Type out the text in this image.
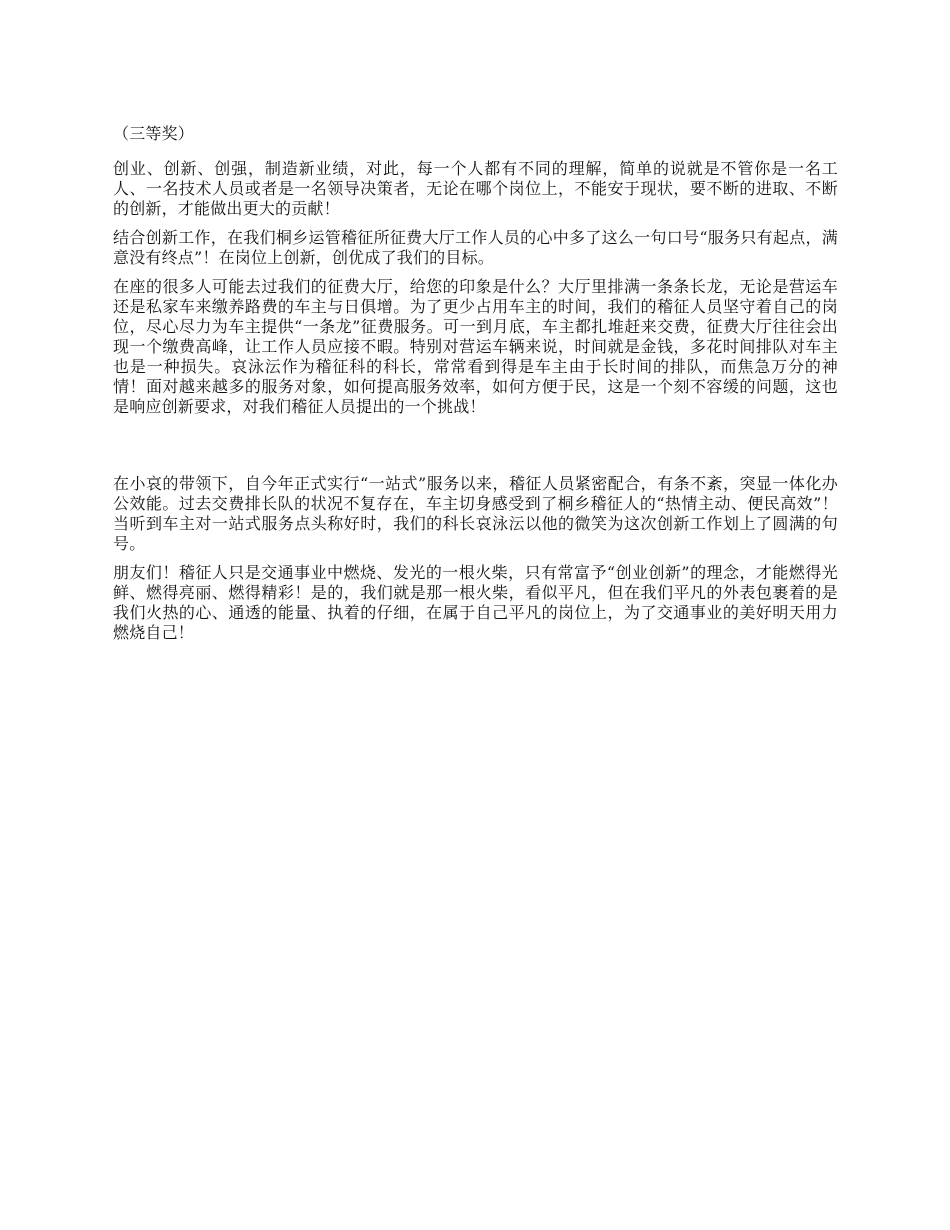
（三等奖）

创业、创新、创强，制造新业绩，对此，每一个人都有不同的理解，简单的说就是不管你是一名工人、一名技术人员或者是一名领导决策者，无论在哪个岗位上，不能安于现状，要不断的进取、不断的创新，才能做出更大的贡献！

结合创新工作，在我们桐乡运管稽征所征费大厅工作人员的心中多了这么一句口号“服务只有起点，满意没有终点”！在岗位上创新，创优成了我们的目标。

在座的很多人可能去过我们的征费大厅，给您的印象是什么？大厅里排满一条条长龙，无论是营运车还是私家车来缴养路费的车主与日俱增。为了更少占用车主的时间，我们的稽征人员坚守着自己的岗位，尽心尽力为车主提供“一条龙”征费服务。可一到月底，车主都扎堆赶来交费，征费大厅往往会出现一个缴费高峰，让工作人员应接不暇。特别对营运车辆来说，时间就是金钱，多花时间排队对车主也是一种损失。哀泳沄作为稽征科的科长，常常看到得是车主由于长时间的排队，而焦急万分的神情！面对越来越多的服务对象，如何提高服务效率，如何方便于民，这是一个刻不容缓的问题，这也是响应创新要求，对我们稽征人员提出的一个挑战！

在小哀的带领下，自今年正式实行“一站式”服务以来，稽征人员紧密配合，有条不紊，突显一体化办公效能。过去交费排长队的状况不复存在，车主切身感受到了桐乡稽征人的“热情主动、便民高效”！当听到车主对一站式服务点头称好时，我们的科长哀泳沄以他的微笑为这次创新工作划上了圆满的句号。

朋友们！稽征人只是交通事业中燃烧、发光的一根火柴，只有常富予“创业创新”的理念，才能燃得光鲜、燃得亮丽、燃得精彩！是的，我们就是那一根火柴，看似平凡，但在我们平凡的外表包裹着的是我们火热的心、通透的能量、执着的仔细，在属于自己平凡的岗位上，为了交通事业的美好明天用力燃烧自己！
